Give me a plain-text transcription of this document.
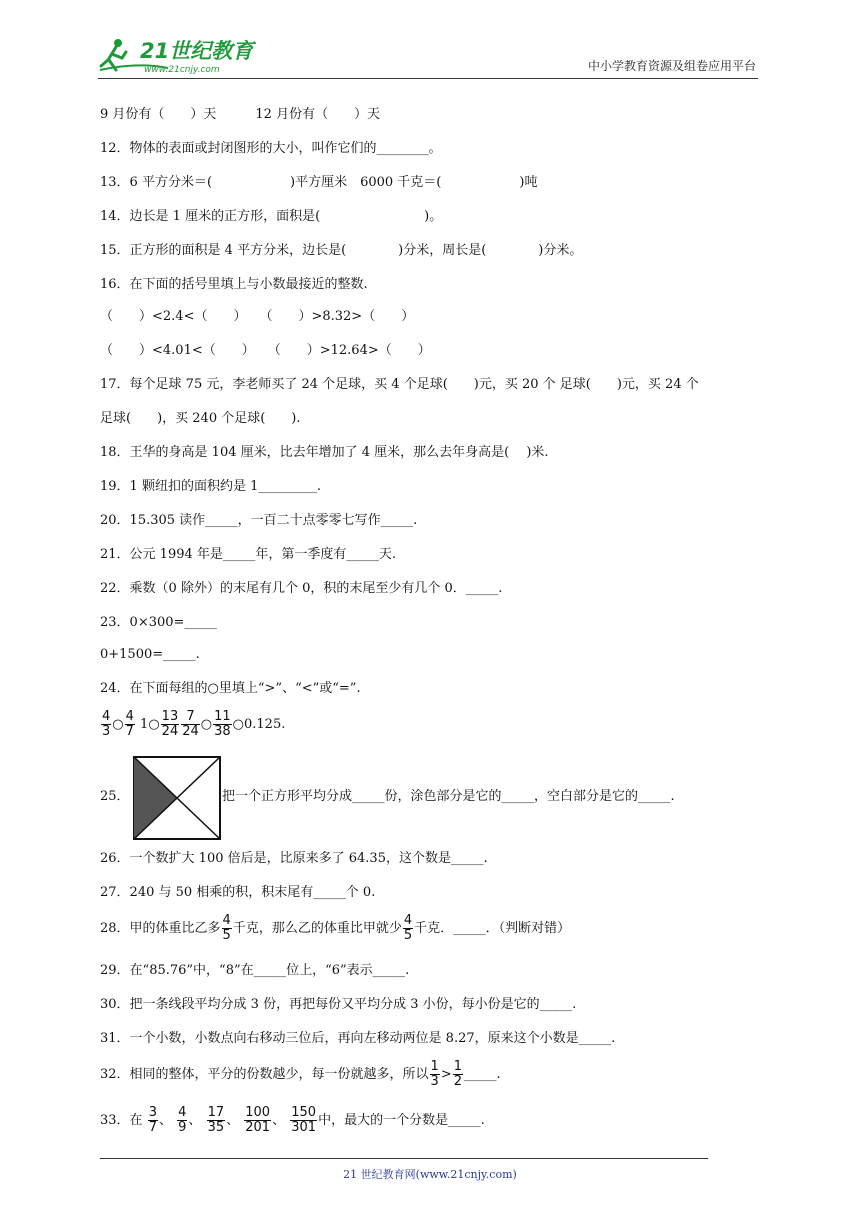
21世纪教育
www.21cnjy.com	中小学教育资源及组卷应用平台
9 月份有（　　）天　　　12 月份有（　　）天
12．物体的表面或封闭图形的大小，叫作它们的________。
13．6 平方分米＝(　　　　　　)平方厘米　6000 千克＝(　　　　　　)吨
14．边长是 1 厘米的正方形，面积是(　　　　　　　　)。
15．正方形的面积是 4 平方分米，边长是(　　　　)分米，周长是(　　　　)分米。
16．在下面的括号里填上与小数最接近的整数.
（　　）<2.4<（　　）　　（　　）>8.32>（　　）
（　　）<4.01<（　　）　　（　　）>12.64>（　　）
17．每个足球 75 元，李老师买了 24 个足球，买 4 个足球(　　)元，买 20 个 足球(　　)元，买 24 个
足球(　　)，买 240 个足球(　　).
18．王华的身高是 104 厘米，比去年增加了 4 厘米，那么去年身高是(　 )米.
19．1 颗纽扣的面积约是 1_________.
20．15.305 读作_____，一百二十点零零七写作_____.
21．公元 1994 年是_____年，第一季度有_____天.
22．乘数（0 除外）的末尾有几个 0，积的末尾至少有几个 0．_____.
23．0×300=_____
0+1500=_____.
24．在下面每组的○里填上“>”、“<”或“=”.
$\frac{4}{3}$ ○ $\frac{4}{7}$ 1○ $\frac{13}{24} \frac{7}{24}$ ○ $\frac{11}{38}$ ○0.125.
25．	把一个正方形平均分成_____份，涂色部分是它的_____，空白部分是它的_____.
26．一个数扩大 100 倍后是，比原来多了 64.35，这个数是_____.
27．240 与 50 相乘的积，积末尾有_____个 0.
28．甲的体重比乙多 $\frac{4}{5}$ 千克，那么乙的体重比甲就少 $\frac{4}{5}$ 千克．_____．（判断对错）
29．在“85.76”中，“8”在_____位上，“6”表示_____.
30．把一条线段平均分成 3 份，再把每份又平均分成 3 小份，每小份是它的_____.
31．一个小数，小数点向右移动三位后，再向左移动两位是 8.27，原来这个小数是_____.
32．相同的整体，平分的份数越少，每一份就越多，所以 $\frac{1}{3} > \frac{1}{2}$ _____.
33．在 $\frac{3}{7}$ 、 $\frac{4}{9}$ 、 $\frac{17}{35}$ 、 $\frac{100}{201}$ 、 $\frac{150}{301}$ 中，最大的一个分数是_____.
21 世纪教育网(www.21cnjy.com)
